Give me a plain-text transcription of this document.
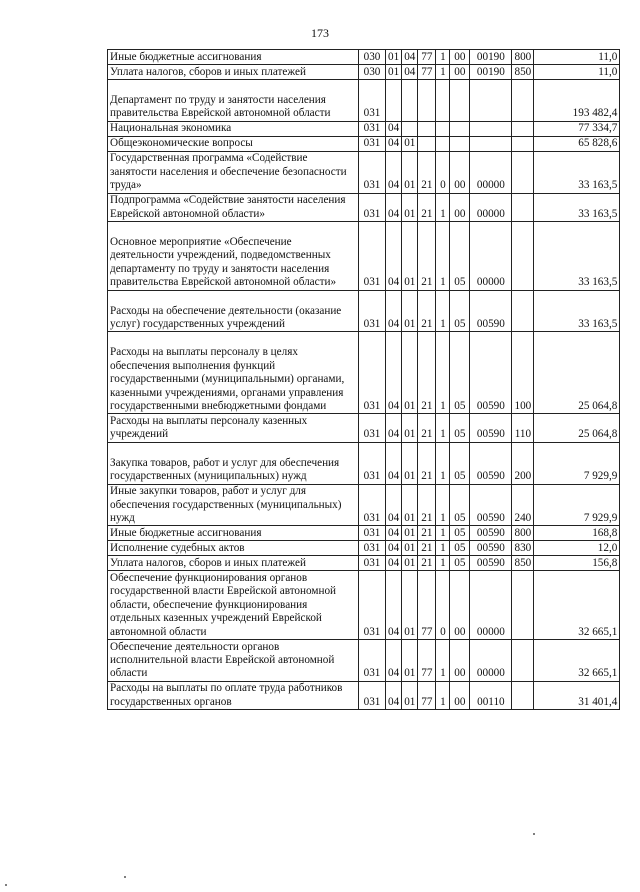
173
Иные бюджетные ассигнования	030	01	04	77	1	00	00190	800	11,0
Уплата налогов, сборов и иных платежей	030	01	04	77	1	00	00190	850	11,0
Департамент по труду и занятости населения правительства Еврейской автономной области	031								193 482,4
Национальная экономика	031	04							77 334,7
Общеэкономические вопросы	031	04	01						65 828,6
Государственная программа «Содействие занятости населения и обеспечение безопасности труда»	031	04	01	21	0	00	00000		33 163,5
Подпрограмма «Содействие занятости населения Еврейской автономной области»	031	04	01	21	1	00	00000		33 163,5
Основное мероприятие «Обеспечение деятельности учреждений, подведомственных департаменту по труду и занятости населения правительства Еврейской автономной области»	031	04	01	21	1	05	00000		33 163,5
Расходы на обеспечение деятельности (оказание услуг) государственных учреждений	031	04	01	21	1	05	00590		33 163,5
Расходы на выплаты персоналу в целях обеспечения выполнения функций государственными (муниципальными) органами, казенными учреждениями, органами управления государственными внебюджетными фондами	031	04	01	21	1	05	00590	100	25 064,8
Расходы на выплаты персоналу казенных учреждений	031	04	01	21	1	05	00590	110	25 064,8
Закупка товаров, работ и услуг для обеспечения государственных (муниципальных) нужд	031	04	01	21	1	05	00590	200	7 929,9
Иные закупки товаров, работ и услуг для обеспечения государственных (муниципальных) нужд	031	04	01	21	1	05	00590	240	7 929,9
Иные бюджетные ассигнования	031	04	01	21	1	05	00590	800	168,8
Исполнение судебных актов	031	04	01	21	1	05	00590	830	12,0
Уплата налогов, сборов и иных платежей	031	04	01	21	1	05	00590	850	156,8
Обеспечение функционирования органов государственной власти Еврейской автономной области, обеспечение функционирования отдельных казенных учреждений Еврейской автономной области	031	04	01	77	0	00	00000		32 665,1
Обеспечение деятельности органов исполнительной власти Еврейской автономной области	031	04	01	77	1	00	00000		32 665,1
Расходы на выплаты по оплате труда работников государственных органов	031	04	01	77	1	00	00110		31 401,4
